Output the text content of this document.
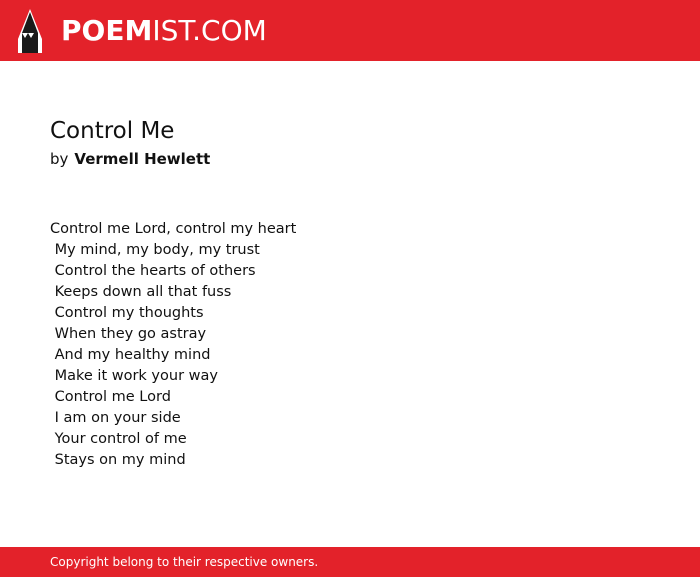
POEMIST.COM
Control Me

by Vermell Hewlett

Control me Lord, control my heart
My mind, my body, my trust
Control the hearts of others
Keeps down all that fuss
Control my thoughts
When they go astray
And my healthy mind
Make it work your way
Control me Lord
I am on your side
Your control of me
Stays on my mind
Copyright belong to their respective owners.
